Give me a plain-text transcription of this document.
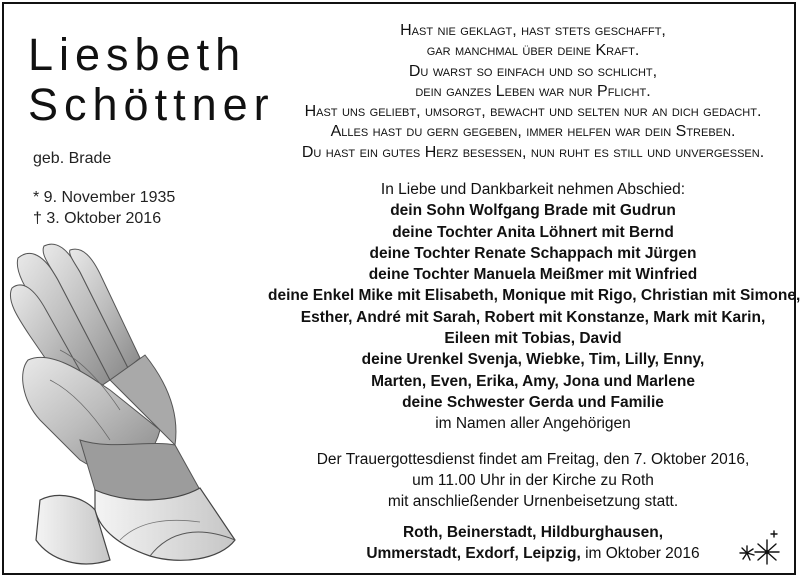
Liesbeth
Schöttner
geb. Brade
* 9. November 1935
† 3. Oktober 2016
Hast nie geklagt, hast stets geschafft,
gar manchmal über deine Kraft.
Du warst so einfach und so schlicht,
dein ganzes Leben war nur Pflicht.
Hast uns geliebt, umsorgt, bewacht und selten nur an dich gedacht.
Alles hast du gern gegeben, immer helfen war dein Streben.
Du hast ein gutes Herz besessen, nun ruht es still und unvergessen.
In Liebe und Dankbarkeit nehmen Abschied:
dein Sohn Wolfgang Brade mit Gudrun
deine Tochter Anita Löhnert mit Bernd
deine Tochter Renate Schappach mit Jürgen
deine Tochter Manuela Meißmer mit Winfried
deine Enkel Mike mit Elisabeth, Monique mit Rigo, Christian mit Simone,
Esther, André mit Sarah, Robert mit Konstanze, Mark mit Karin,
Eileen mit Tobias, David
deine Urenkel Svenja, Wiebke, Tim, Lilly, Enny,
Marten, Even, Erika, Amy, Jona und Marlene
deine Schwester Gerda und Familie
im Namen aller Angehörigen
Der Trauergottesdienst findet am Freitag, den 7. Oktober 2016,
um 11.00 Uhr in der Kirche zu Roth
mit anschließender Urnenbeisetzung statt.
Roth, Beinerstadt, Hildburghausen,
Ummerstadt, Exdorf, Leipzig, im Oktober 2016
